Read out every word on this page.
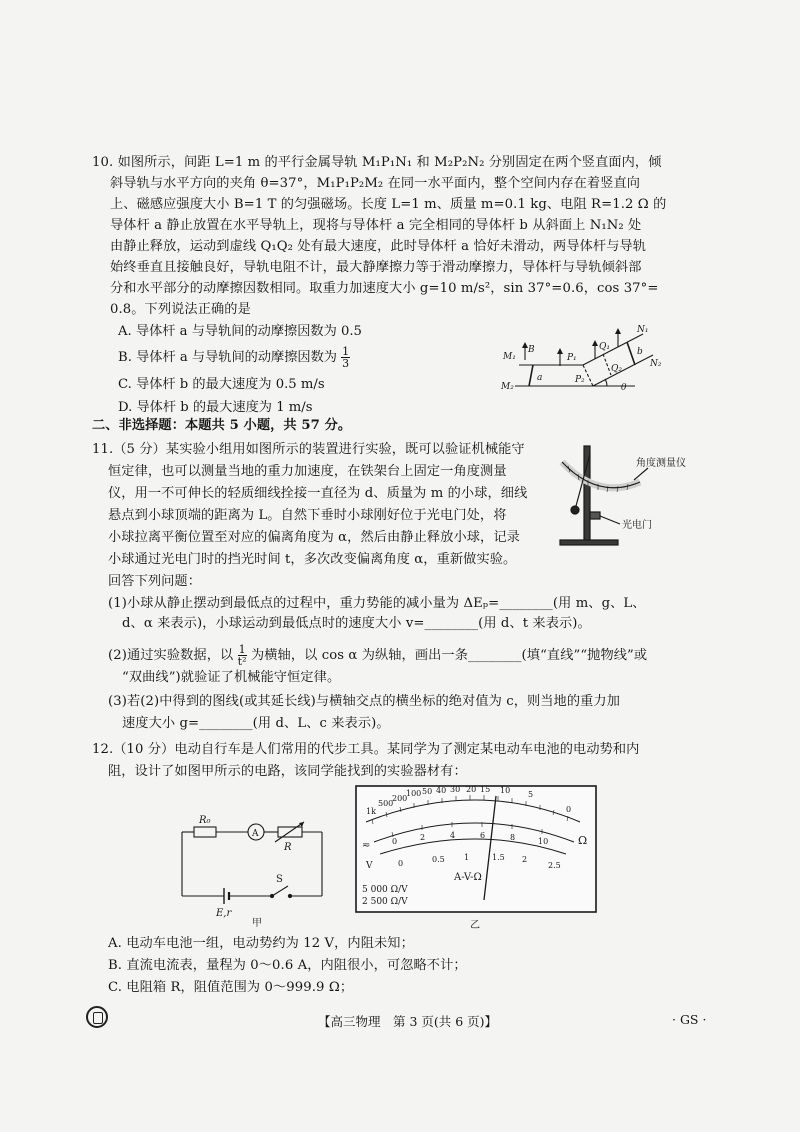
10. 如图所示，间距 L=1 m 的平行金属导轨 M₁P₁N₁ 和 M₂P₂N₂ 分别固定在两个竖直面内，倾
斜导轨与水平方向的夹角 θ=37°，M₁P₁P₂M₂ 在同一水平面内，整个空间内存在着竖直向
上、磁感应强度大小 B=1 T 的匀强磁场。长度 L=1 m、质量 m=0.1 kg、电阻 R=1.2 Ω 的
导体杆 a 静止放置在水平导轨上，现将与导体杆 a 完全相同的导体杆 b 从斜面上 N₁N₂ 处
由静止释放，运动到虚线 Q₁Q₂ 处有最大速度，此时导体杆 a 恰好未滑动，两导体杆与导轨
始终垂直且接触良好，导轨电阻不计，最大静摩擦力等于滑动摩擦力，导体杆与导轨倾斜部
分和水平部分的动摩擦因数相同。取重力加速度大小 g=10 m/s²，sin 37°=0.6，cos 37°=
0.8。下列说法正确的是
A. 导体杆 a 与导轨间的动摩擦因数为 0.5
B. 导体杆 a 与导轨间的动摩擦因数为 $\frac{1}{3}$
C. 导体杆 b 的最大速度为 0.5 m/s
D. 导体杆 b 的最大速度为 1 m/s
M₁
B
P₁
Q₁
N₁
b
N₂
a
M₂
P₂
Q₂
θ
二、非选择题：本题共 5 小题，共 57 分。
11.（5 分）某实验小组用如图所示的装置进行实验，既可以验证机械能守
恒定律，也可以测量当地的重力加速度，在铁架台上固定一角度测量
仪，用一不可伸长的轻质细线拴接一直径为 d、质量为 m 的小球，细线
悬点到小球顶端的距离为 L。自然下垂时小球刚好位于光电门处，将
小球拉离平衡位置至对应的偏离角度为 α，然后由静止释放小球，记录
小球通过光电门时的挡光时间 t，多次改变偏离角度 α，重新做实验。
回答下列问题：
(1)小球从静止摆动到最低点的过程中，重力势能的减小量为 ΔEₚ=________(用 m、g、L、
d、α 来表示)，小球运动到最低点时的速度大小 v=________(用 d、t 来表示)。
(2)通过实验数据，以 $\frac{1}{\text{t²}}$ 为横轴，以 cos α 为纵轴，画出一条________(填“直线”“抛物线”或
“双曲线”)就验证了机械能守恒定律。
(3)若(2)中得到的图线(或其延长线)与横轴交点的横坐标的绝对值为 c，则当地的重力加
速度大小 g=________(用 d、L、c 来表示)。
角度测量仪
光电门
12.（10 分）电动自行车是人们常用的代步工具。某同学为了测定某电动车电池的电动势和内
阻，设计了如图甲所示的电路，该同学能找到的实验器材有：
R₀
A
R
S
E,r
甲
1k
500
200
100 50 40 30 20 15 10 5
0
Ω
≂	0	2	4	6	8	10
0	0.5 1	1.5 2
2.5
V
A-V-Ω
5 000 Ω/V
2 500 Ω/V
乙
A. 电动车电池一组，电动势约为 12 V，内阻未知；
B. 直流电流表，量程为 0～0.6 A，内阻很小，可忽略不计；
C. 电阻箱 R，阻值范围为 0～999.9 Ω；
【高三物理　第 3 页(共 6 页)】	· GS ·
